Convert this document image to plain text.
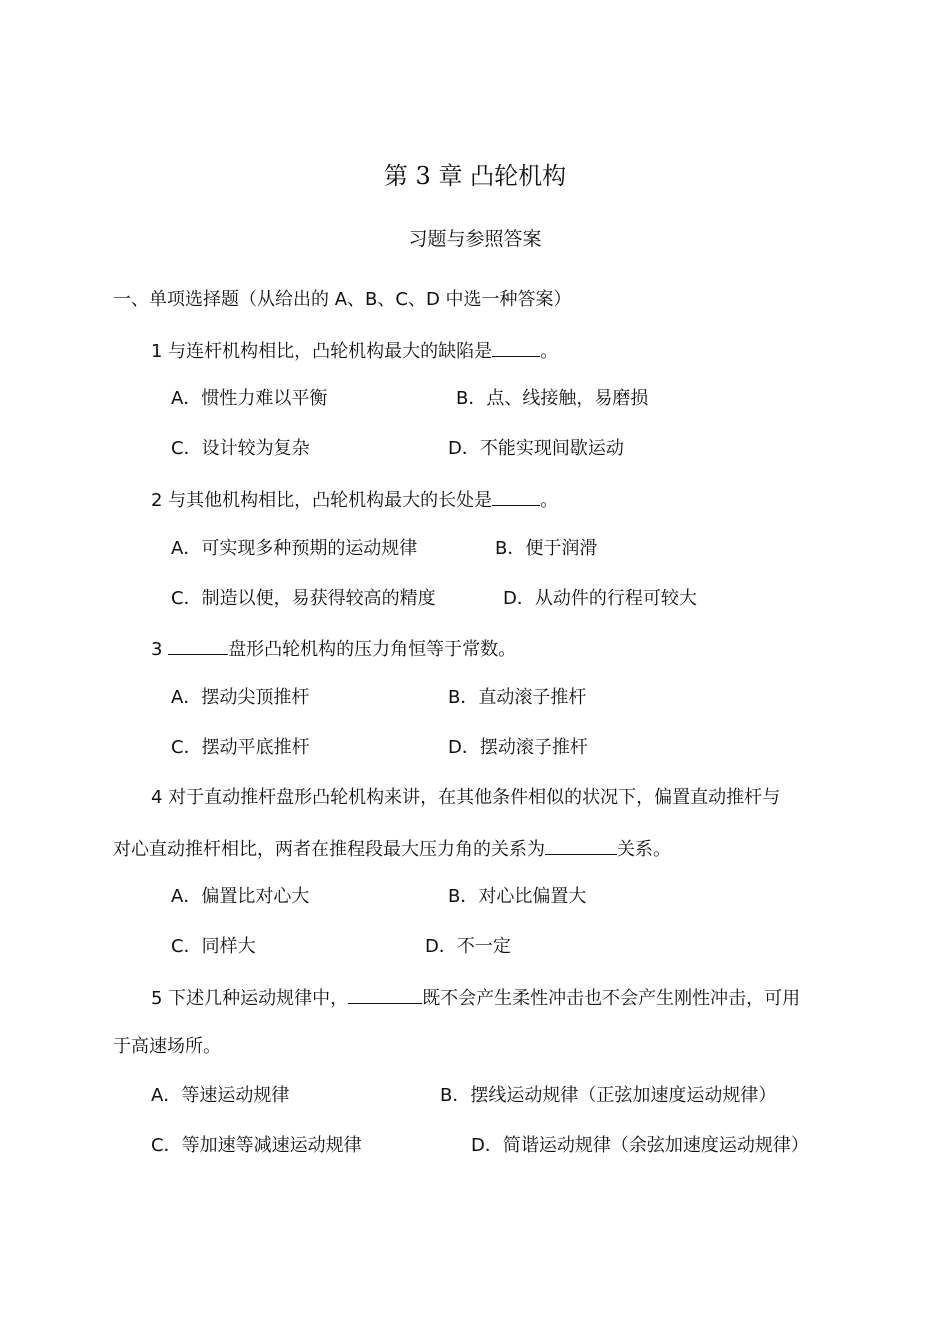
第 3 章 凸轮机构
习题与参照答案
一、单项选择题（从给出的 A、B、C、D 中选一种答案）
1 与连杆机构相比，凸轮机构最大的缺陷是	。
A．惯性力难以平衡	B．点、线接触，易磨损
C．设计较为复杂	D．不能实现间歇运动
2 与其他机构相比，凸轮机构最大的长处是	。
A．可实现多种预期的运动规律	B．便于润滑
C．制造以便，易获得较高的精度	D．从动件的行程可较大
3	盘形凸轮机构的压力角恒等于常数。
A．摆动尖顶推杆	B．直动滚子推杆
C．摆动平底推杆	D．摆动滚子推杆
4 对于直动推杆盘形凸轮机构来讲，在其他条件相似的状况下，偏置直动推杆与
对心直动推杆相比，两者在推程段最大压力角的关系为	关系。
A．偏置比对心大	B．对心比偏置大
C．同样大	D．不一定
5 下述几种运动规律中，	既不会产生柔性冲击也不会产生刚性冲击，可用
于高速场所。
A．等速运动规律	B．摆线运动规律（正弦加速度运动规律）
C．等加速等减速运动规律	D．简谐运动规律（余弦加速度运动规律）
